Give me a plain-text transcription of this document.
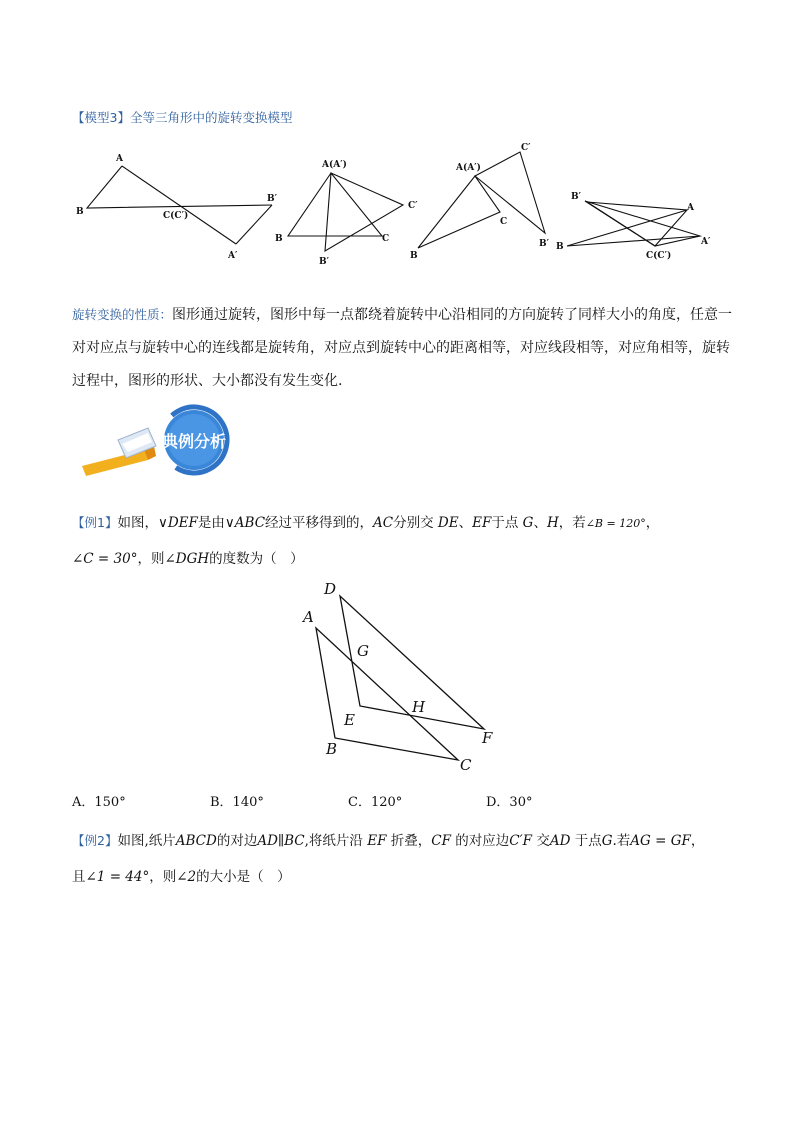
【模型3】全等三角形中的旋转变换模型
A
B	C(C′)
B′
A′
A(A′)
B	C
C′
B′
A(A′)
C′
C
B
B′
B′
A
A′
B
C(C′)
旋转变换的性质：图形通过旋转，图形中每一点都绕着旋转中心沿相同的方向旋转了同样大小的角度，任意一对对应点与旋转中心的连线都是旋转角，对应点到旋转中心的距离相等，对应线段相等，对应角相等，旋转过程中，图形的形状、大小都没有发生变化.
典例分析
【例1】如图，∨DEF是由∨ABC经过平移得到的，AC分别交 DE、EF于点 G、H，若∠B = 120°，
∠C = 30°，则∠DGH的度数为（　）
D
A
G
H
E
F
B
C
A．150°	B．140°	C．120°	D．30°
【例2】如图,纸片ABCD的对边AD∥BC,将纸片沿 EF 折叠，CF 的对应边C′F 交AD 于点G.若AG = GF，
且∠1 = 44°，则∠2的大小是（　）
